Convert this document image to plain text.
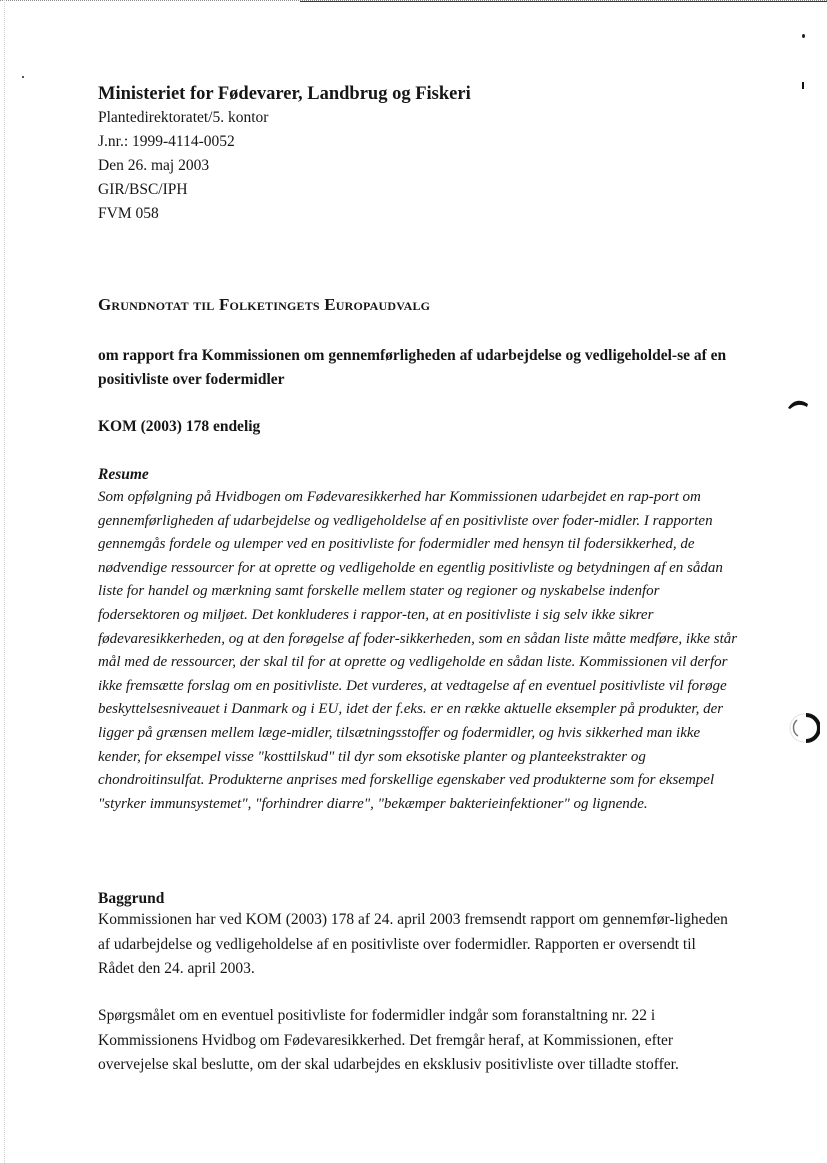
Ministeriet for Fødevarer, Landbrug og Fiskeri

Plantedirektoratet/5. kontor

J.nr.: 1999-4114-0052

Den 26. maj 2003

GIR/BSC/IPH

FVM 058

Grundnotat til Folketingets Europaudvalg

om rapport fra Kommissionen om gennemførligheden af udarbejdelse og vedligeholdel-se af en positivliste over fodermidler

KOM (2003) 178 endelig

Resume

Som opfølgning på Hvidbogen om Fødevaresikkerhed har Kommissionen udarbejdet en rap-port om gennemførligheden af udarbejdelse og vedligeholdelse af en positivliste over foder-midler. I rapporten gennemgås fordele og ulemper ved en positivliste for fodermidler med hensyn til fodersikkerhed, de nødvendige ressourcer for at oprette og vedligeholde en egentlig positivliste og betydningen af en sådan liste for handel og mærkning samt forskelle mellem stater og regioner og nyskabelse indenfor fodersektoren og miljøet. Det konkluderes i rappor-ten, at en positivliste i sig selv ikke sikrer fødevaresikkerheden, og at den forøgelse af foder-sikkerheden, som en sådan liste måtte medføre, ikke står mål med de ressourcer, der skal til for at oprette og vedligeholde en sådan liste. Kommissionen vil derfor ikke fremsætte forslag om en positivliste. Det vurderes, at vedtagelse af en eventuel positivliste vil forøge beskyttelsesniveauet i Danmark og i EU, idet der f.eks. er en række aktuelle eksempler på produkter, der ligger på grænsen mellem læge-midler, tilsætningsstoffer og fodermidler, og hvis sikkerhed man ikke kender, for eksempel visse "kosttilskud" til dyr som eksotiske planter og planteekstrakter og chondroitinsulfat. Produkterne anprises med forskellige egenskaber ved produkterne som for eksempel "styrker immunsystemet", "forhindrer diarre", "bekæmper bakterieinfektioner" og lignende.

Baggrund

Kommissionen har ved KOM (2003) 178 af 24. april 2003 fremsendt rapport om gennemfør-ligheden af udarbejdelse og vedligeholdelse af en positivliste over fodermidler. Rapporten er oversendt til Rådet den 24. april 2003.

Spørgsmålet om en eventuel positivliste for fodermidler indgår som foranstaltning nr. 22 i Kommissionens Hvidbog om Fødevaresikkerhed. Det fremgår heraf, at Kommissionen, efter overvejelse skal beslutte, om der skal udarbejdes en eksklusiv positivliste over tilladte stoffer.
